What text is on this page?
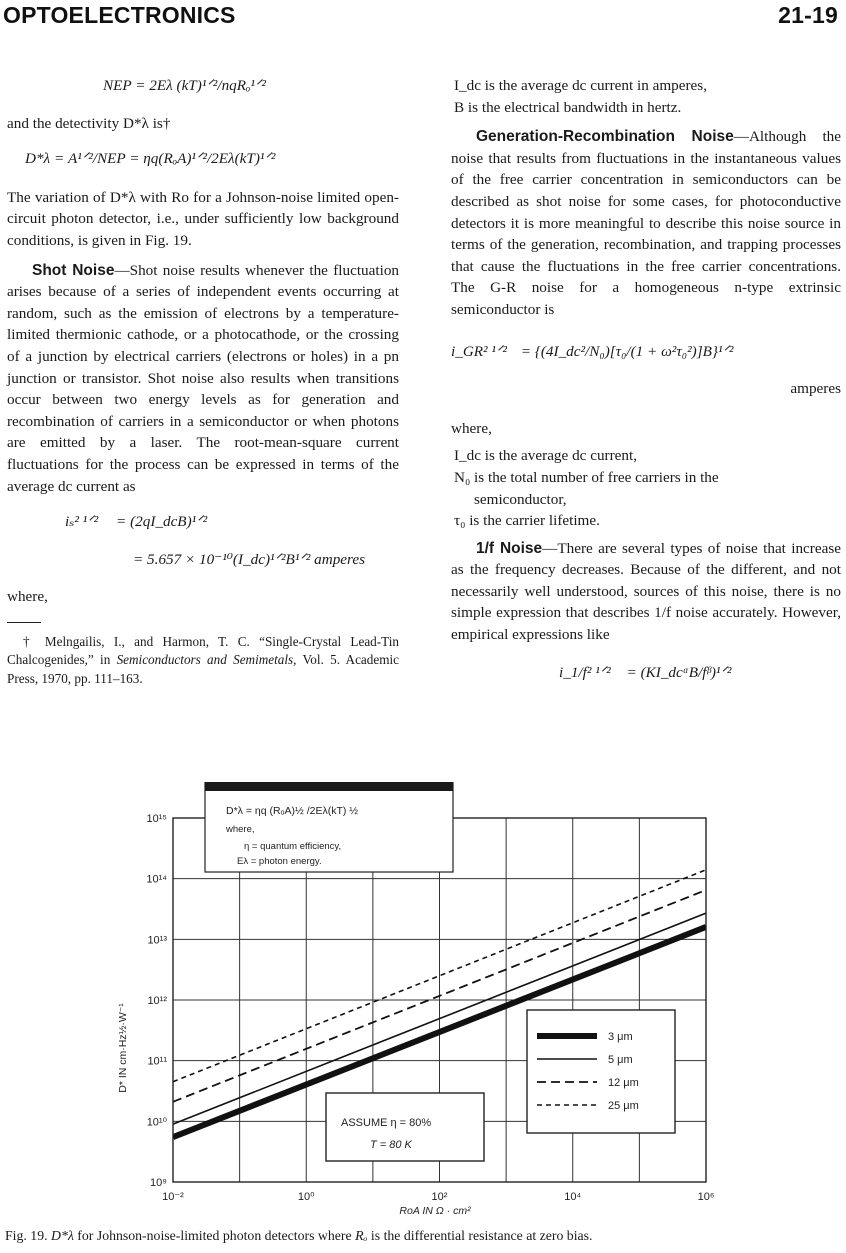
OPTOELECTRONICS	21-19
NEP = 2Eλ (kT)¹ᐟ²/nqRₒ¹ᐟ²

and the detectivity D*λ is†

D*λ = A¹ᐟ²/NEP = ηq(RₒA)¹ᐟ²/2Eλ(kT)¹ᐟ²

The variation of D*λ with Ro for a Johnson-noise limited open-circuit photon detector, i.e., under sufficiently low background conditions, is given in Fig. 19.

Shot Noise—Shot noise results whenever the fluctuation arises because of a series of independent events occurring at random, such as the emission of electrons by a temperature-limited thermionic cathode, or a photocathode, or the crossing of a junction by electrical carriers (electrons or holes) in a pn junction or transistor. Shot noise also results when transitions occur between two energy levels as for generation and recombination of carriers in a semiconductor or when photons are emitted by a laser. The root-mean-square current fluctuations for the process can be expressed in terms of the average dc current as

iₛ² ¹ᐟ² = (2qI_dcB)¹ᐟ²
= 5.657 × 10⁻¹⁰(I_dc)¹ᐟ²B¹ᐟ² amperes

where,

† Melngailis, I., and Harmon, T. C. “Single-Crystal Lead-Tin Chalcogenides,” in Semiconductors and Semimetals, Vol. 5. Academic Press, 1970, pp. 111–163.

I_dc is the average dc current in amperes,
B is the electrical bandwidth in hertz.

Generation-Recombination Noise—Although the noise that results from fluctuations in the instantaneous values of the free carrier concentration in semiconductors can be described as shot noise for some cases, for photoconductive detectors it is more meaningful to describe this noise source in terms of the generation, recombination, and trapping processes that cause the fluctuations in the free carrier concentrations. The G-R noise for a homogeneous n-type extrinsic semiconductor is

i_GR² ¹ᐟ² = {(4I_dc²/N₀)[τ₀/(1 + ω²τ₀²)]B}¹ᐟ²
amperes

where,

I_dc is the average dc current,
N₀ is the total number of free carriers in the
semiconductor,
τ₀ is the carrier lifetime.

1/f Noise—There are several types of noise that increase as the frequency decreases. Because of the different, and not necessarily well understood, sources of this noise, there is no simple expression that describes 1/f noise accurately. However, empirical expressions like

i_1/f² ¹ᐟ² = (KI_dcᵅB/fᵝ)¹ᐟ²
10⁻²	10⁰	10²	10⁴	10⁶
10⁹
10¹⁰
10¹¹
10¹²
10¹³
10¹⁴
10¹⁵
D*λ = ηq (RₒA)½ /2Eλ(kT) ½
where,
η = quantum efficiency,
Eλ = photon energy.
ASSUME η = 80%
T = 80 K
3 μm
5 μm
12 μm
25 μm
D* IN cm·Hz½·W⁻¹
RoA IN Ω · cm²
Fig. 19. D*λ for Johnson-noise-limited photon detectors where Rₒ is the differential resistance at zero bias.
